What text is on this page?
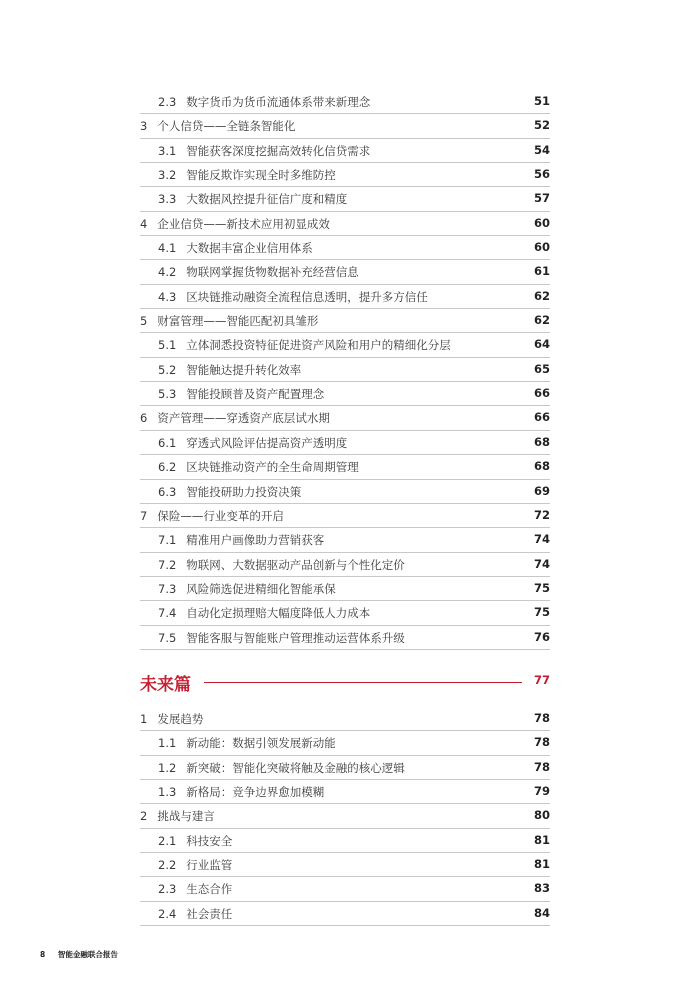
2.3 数字货币为货币流通体系带来新理念	51
3 个人信贷——全链条智能化	52
3.1 智能获客深度挖掘高效转化信贷需求	54
3.2 智能反欺诈实现全时多维防控	56
3.3 大数据风控提升征信广度和精度	57
4 企业信贷——新技术应用初显成效	60
4.1 大数据丰富企业信用体系	60
4.2 物联网掌握货物数据补充经营信息	61
4.3 区块链推动融资全流程信息透明，提升多方信任	62
5 财富管理——智能匹配初具雏形	62
5.1 立体洞悉投资特征促进资产风险和用户的精细化分层	64
5.2 智能触达提升转化效率	65
5.3 智能投顾普及资产配置理念	66
6 资产管理——穿透资产底层试水期	66
6.1 穿透式风险评估提高资产透明度	68
6.2 区块链推动资产的全生命周期管理	68
6.3 智能投研助力投资决策	69
7 保险——行业变革的开启	72
7.1 精准用户画像助力营销获客	74
7.2 物联网、大数据驱动产品创新与个性化定价	74
7.3 风险筛选促进精细化智能承保	75
7.4 自动化定损理赔大幅度降低人力成本	75
7.5 智能客服与智能账户管理推动运营体系升级	76
未来篇	77
1 发展趋势	78
1.1 新动能：数据引领发展新动能	78
1.2 新突破：智能化突破将触及金融的核心逻辑	78
1.3 新格局：竞争边界愈加模糊	79
2 挑战与建言	80
2.1 科技安全	81
2.2 行业监管	81
2.3 生态合作	83
2.4 社会责任	84
8 智能金融联合报告
